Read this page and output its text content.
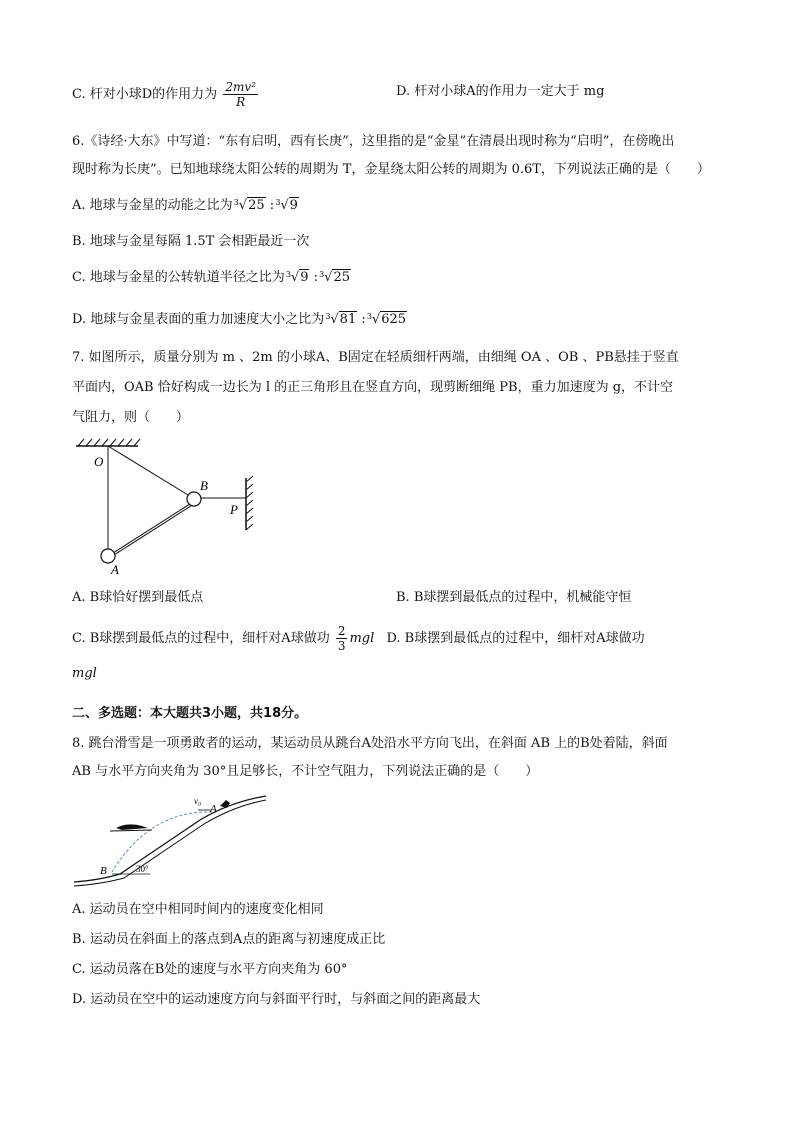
C. 杆对小球D的作用力为 $\frac{\text{2mv²}}{R}$	D. 杆对小球A的作用力一定大于 mg
6.《诗经·大东》中写道：“东有启明，西有长庚”，这里指的是“金星”在清晨出现时称为“启明”，在傍晚出
现时称为长庚”。已知地球绕太阳公转的周期为 T，金星绕太阳公转的周期为 0.6T，下列说法正确的是（　　）
A. 地球与金星的动能之比为 3 √25 : 3 √9
B. 地球与金星每隔 1.5T 会相距最近一次
C. 地球与金星的公转轨道半径之比为 3 √9 : 3 √25
D. 地球与金星表面的重力加速度大小之比为 3 √81 : 3 √625
7. 如图所示，质量分别为 m 、2m 的小球A、B固定在轻质细杆两端，由细绳 OA 、OB 、PB悬挂于竖直
平面内，OAB 恰好构成一边长为 l 的正三角形且在竖直方向，现剪断细绳 PB，重力加速度为 g，不计空
气阻力，则（　　）
O
B
P
A
A. B球恰好摆到最低点	B. B球摆到最低点的过程中，机械能守恒
C. B球摆到最低点的过程中，细杆对A球做功 $\frac{2}{3}$ mgl D. B球摆到最低点的过程中，细杆对A球做功
mgl
二、多选题：本大题共3小题，共18分。
8. 跳台滑雪是一项勇敢者的运动，某运动员从跳台A处沿水平方向飞出，在斜面 AB 上的B处着陆，斜面
AB 与水平方向夹角为 30°且足够长，不计空气阻力，下列说法正确的是（　　）
v₀
A
B	30°
A. 运动员在空中相同时间内的速度变化相同
B. 运动员在斜面上的落点到A点的距离与初速度成正比
C. 运动员落在B处的速度与水平方向夹角为 60°
D. 运动员在空中的运动速度方向与斜面平行时，与斜面之间的距离最大
